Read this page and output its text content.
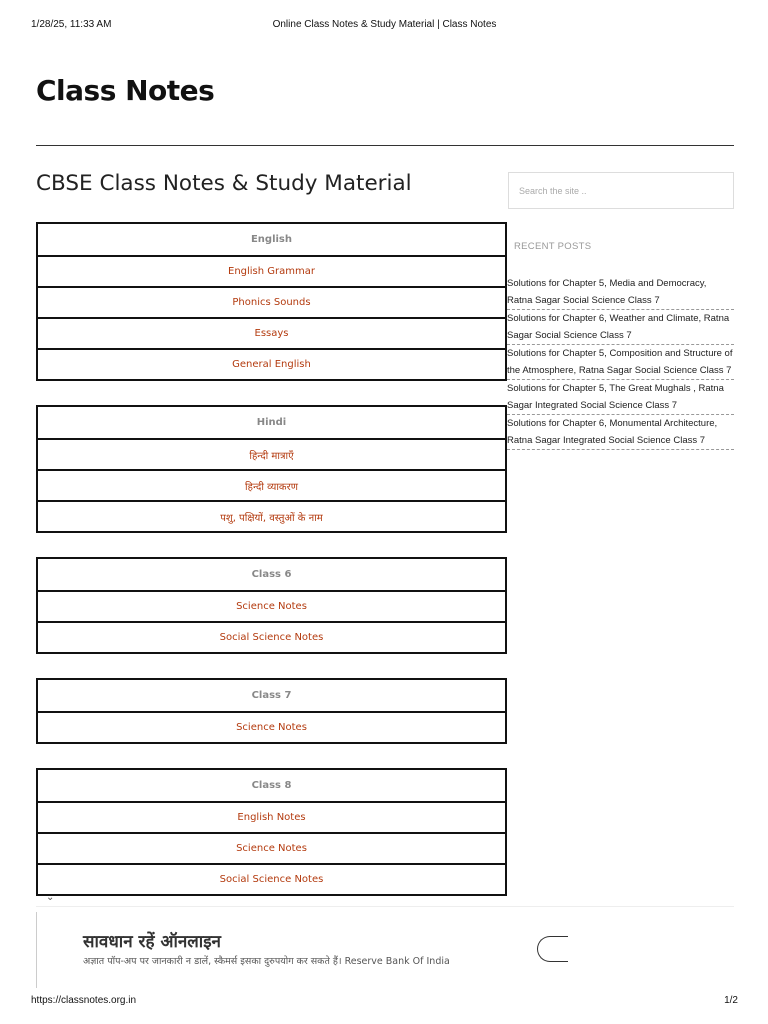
1/28/25, 11:33 AM	Online Class Notes & Study Material | Class Notes
Class Notes
CBSE Class Notes & Study Material
Search the site ..
RECENT POSTS
Solutions for Chapter 5, Media and Democracy, Ratna Sagar Social Science Class 7
Solutions for Chapter 6, Weather and Climate, Ratna Sagar Social Science Class 7
Solutions for Chapter 5, Composition and Structure of the Atmosphere, Ratna Sagar Social Science Class 7
Solutions for Chapter 5, The Great Mughals , Ratna Sagar Integrated Social Science Class 7
Solutions for Chapter 6, Monumental Architecture, Ratna Sagar Integrated Social Science Class 7
English
English Grammar
Phonics Sounds
Essays
General English
Hindi
हिन्दी मात्राएँ
हिन्दी व्याकरण
पशु, पक्षियों, वस्तुओं के नाम
Class 6
Science Notes
Social Science Notes
Class 7
Science Notes
Class 8
English Notes
Science Notes
Social Science Notes
⌄
सावधान रहें ऑनलाइन
अज्ञात पॉप-अप पर जानकारी न डालें, स्कैमर्स इसका दुरुपयोग कर सकते हैं। Reserve Bank Of India
https://classnotes.org.in	1/2
